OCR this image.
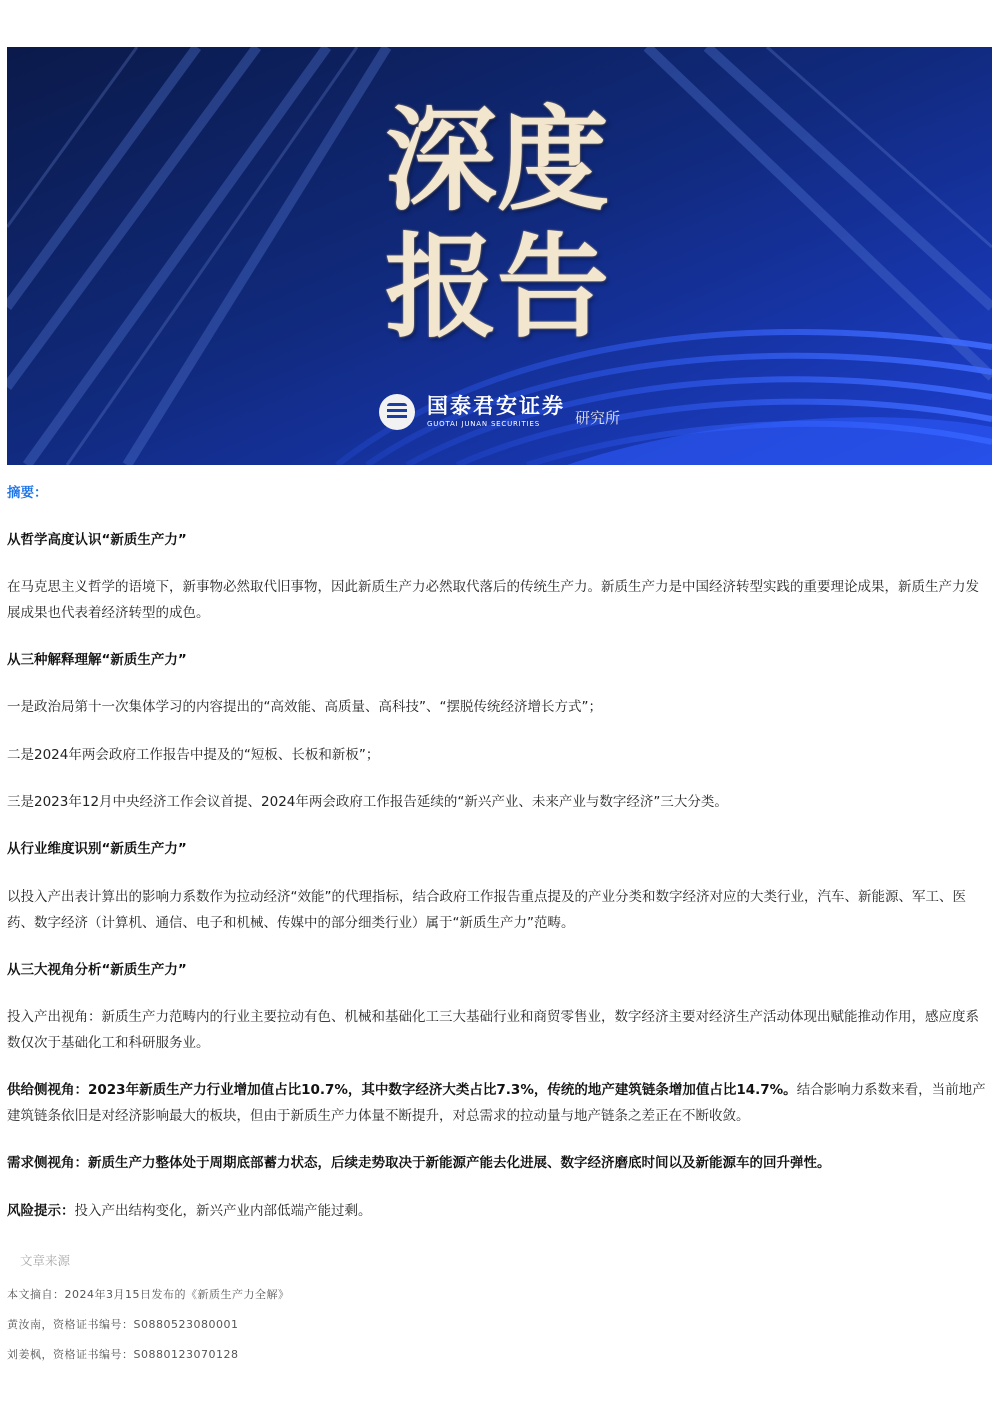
深度
报告
国泰君安证券
GUOTAI JUNAN SECURITIES	研究所
摘要：
从哲学高度认识“新质生产力”
在马克思主义哲学的语境下，新事物必然取代旧事物，因此新质生产力必然取代落后的传统生产力。新质生产力是中国经济转型实践的重要理论成果，新质生产力发展成果也代表着经济转型的成色。
从三种解释理解“新质生产力”
一是政治局第十一次集体学习的内容提出的“高效能、高质量、高科技”、“摆脱传统经济增长方式”；
二是2024年两会政府工作报告中提及的“短板、长板和新板”；
三是2023年12月中央经济工作会议首提、2024年两会政府工作报告延续的“新兴产业、未来产业与数字经济”三大分类。
从行业维度识别“新质生产力”
以投入产出表计算出的影响力系数作为拉动经济“效能”的代理指标，结合政府工作报告重点提及的产业分类和数字经济对应的大类行业，汽车、新能源、军工、医药、数字经济（计算机、通信、电子和机械、传媒中的部分细类行业）属于“新质生产力”范畴。
从三大视角分析“新质生产力”
投入产出视角：新质生产力范畴内的行业主要拉动有色、机械和基础化工三大基础行业和商贸零售业，数字经济主要对经济生产活动体现出赋能推动作用，感应度系数仅次于基础化工和科研服务业。
供给侧视角：2023年新质生产力行业增加值占比10.7%，其中数字经济大类占比7.3%，传统的地产建筑链条增加值占比14.7%。结合影响力系数来看，当前地产建筑链条依旧是对经济影响最大的板块，但由于新质生产力体量不断提升，对总需求的拉动量与地产链条之差正在不断收敛。
需求侧视角：新质生产力整体处于周期底部蓄力状态，后续走势取决于新能源产能去化进展、数字经济磨底时间以及新能源车的回升弹性。
风险提示：投入产出结构变化，新兴产业内部低端产能过剩。
文章来源
本文摘自：2024年3月15日发布的《新质生产力全解》
黄汝南，资格证书编号：S0880523080001
刘姜枫，资格证书编号：S0880123070128
